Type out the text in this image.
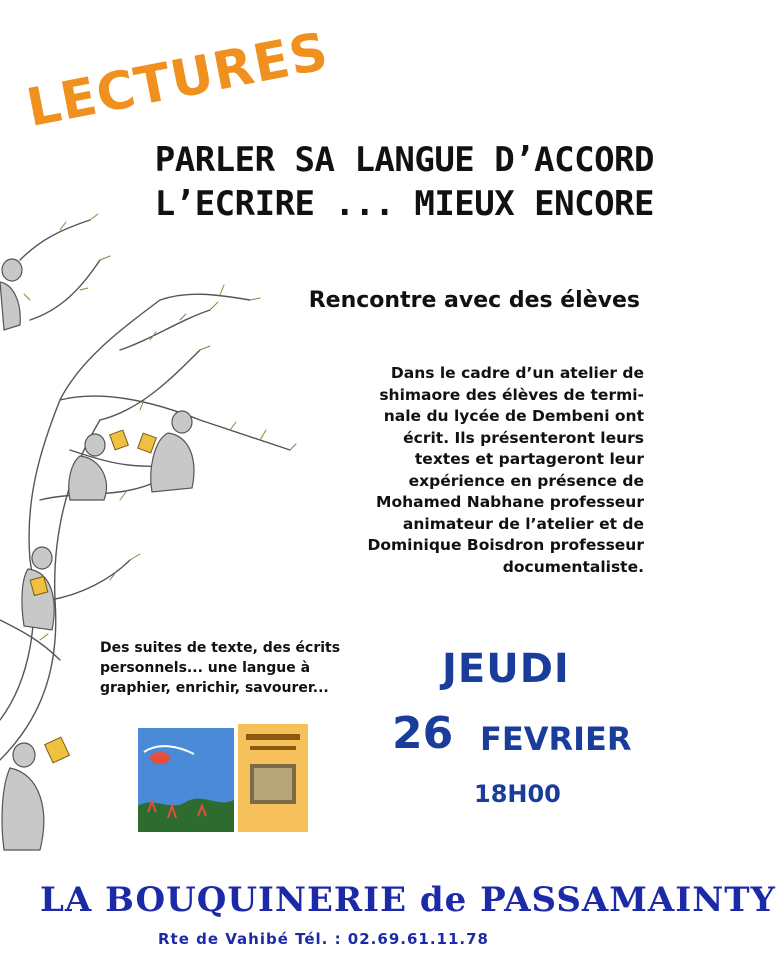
LECTURES
PARLER SA LANGUE D’ACCORD
L’ECRIRE ... MIEUX ENCORE
Rencontre avec des élèves
Dans le cadre d’un atelier de
shimaore des élèves de termi-
nale du lycée de Dembeni ont
écrit. Ils présenteront leurs
textes et partageront leur
expérience en présence de
Mohamed Nabhane professeur
animateur de l’atelier et de
Dominique Boisdron professeur
documentaliste.
Des suites de texte, des écrits
personnels... une langue à
graphier, enrichir, savourer...	JEUDI
26 FEVRIER
18H00
LA BOUQUINERIE de PASSAMAINTY
Rte de Vahibé Tél. : 02.69.61.11.78
